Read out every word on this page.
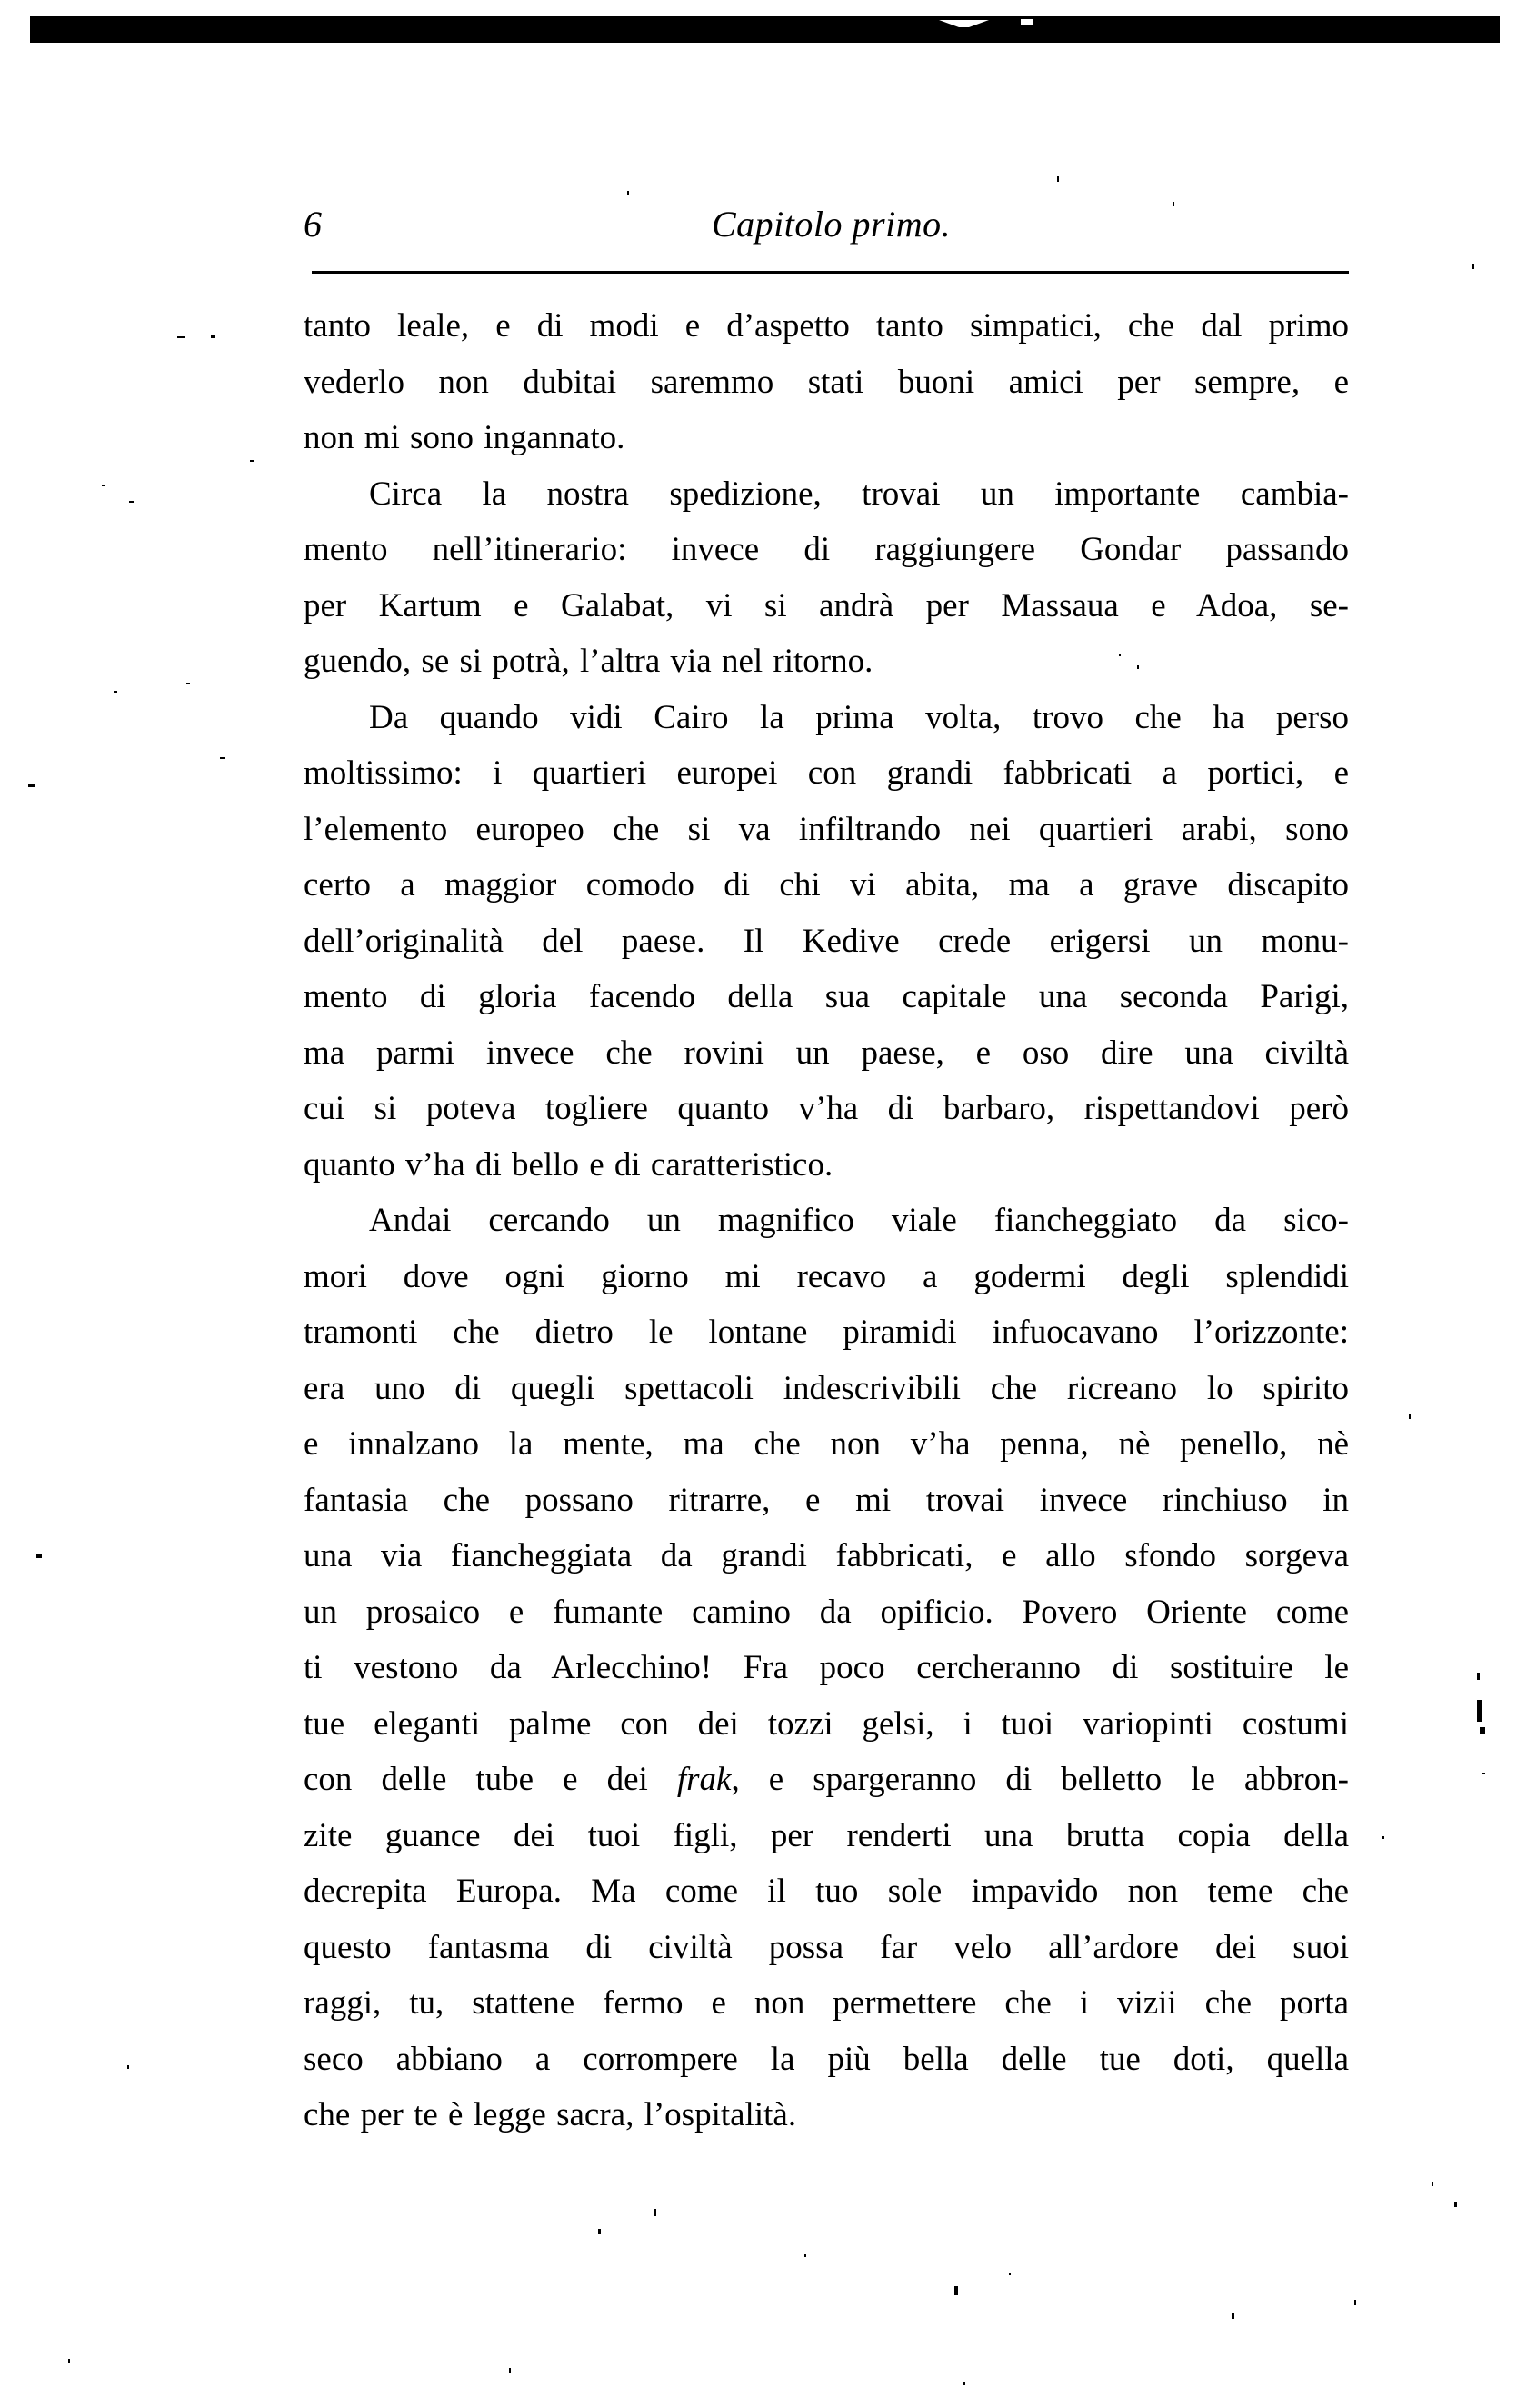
6	Capitolo primo.
tanto leale, e di modi e d’aspetto tanto simpatici, che dal primo
vederlo non dubitai saremmo stati buoni amici per sempre, e
non mi sono ingannato.
Circa la nostra spedizione, trovai un importante cambia-
mento nell’itinerario: invece di raggiungere Gondar passando
per Kartum e Galabat, vi si andrà per Massaua e Adoa, se-
guendo, se si potrà, l’altra via nel ritorno.
Da quando vidi Cairo la prima volta, trovo che ha perso
moltissimo: i quartieri europei con grandi fabbricati a portici, e
l’elemento europeo che si va infiltrando nei quartieri arabi, sono
certo a maggior comodo di chi vi abita, ma a grave discapito
dell’originalità del paese. Il Kedive crede erigersi un monu-
mento di gloria facendo della sua capitale una seconda Parigi,
ma parmi invece che rovini un paese, e oso dire una civiltà
cui si poteva togliere quanto v’ha di barbaro, rispettandovi però
quanto v’ha di bello e di caratteristico.
Andai cercando un magnifico viale fiancheggiato da sico-
mori dove ogni giorno mi recavo a godermi degli splendidi
tramonti che dietro le lontane piramidi infuocavano l’orizzonte:
era uno di quegli spettacoli indescrivibili che ricreano lo spirito
e innalzano la mente, ma che non v’ha penna, nè penello, nè
fantasia che possano ritrarre, e mi trovai invece rinchiuso in
una via fiancheggiata da grandi fabbricati, e allo sfondo sorgeva
un prosaico e fumante camino da opificio. Povero Oriente come
ti vestono da Arlecchino! Fra poco cercheranno di sostituire le
tue eleganti palme con dei tozzi gelsi, i tuoi variopinti costumi
con delle tube e dei frak, e spargeranno di belletto le abbron-
zite guance dei tuoi figli, per renderti una brutta copia della
decrepita Europa. Ma come il tuo sole impavido non teme che
questo fantasma di civiltà possa far velo all’ardore dei suoi
raggi, tu, stattene fermo e non permettere che i vizii che porta
seco abbiano a corrompere la più bella delle tue doti, quella
che per te è legge sacra, l’ospitalità.
